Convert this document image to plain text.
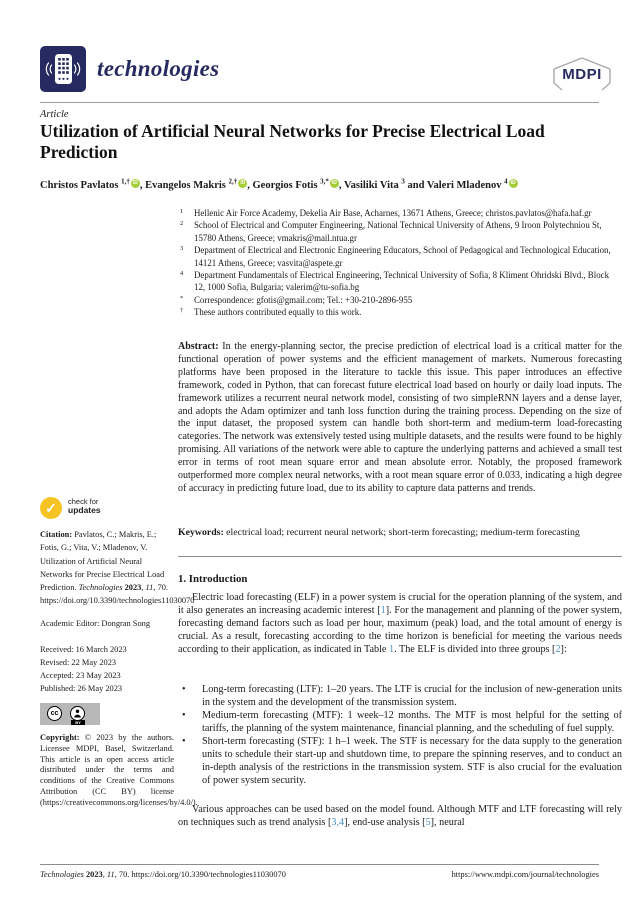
technologies	MDPI
Article
Utilization of Artificial Neural Networks for Precise Electrical Load Prediction
Christos Pavlatos $^{1,\dagger}$ iD , Evangelos Makris $^{2,\dagger}$ iD , Georgios Fotis $^{3,*}$ iD , Vasiliki Vita $^3$ and Valeri Mladenov $^4$ iD
1 Hellenic Air Force Academy, Dekelia Air Base, Acharnes, 13671 Athens, Greece; christos.pavlatos@hafa.haf.gr
2 School of Electrical and Computer Engineering, National Technical University of Athens, 9 Iroon Polytechniou St, 15780 Athens, Greece; vmakris@mail.ntua.gr
3 Department of Electrical and Electronic Engineering Educators, School of Pedagogical and Technological Education, 14121 Athens, Greece; vasvita@aspete.gr
4 Department Fundamentals of Electrical Engineering, Technical University of Sofia, 8 Kliment Ohridski Blvd., Block 12, 1000 Sofia, Bulgaria; valerim@tu-sofia.bg
* Correspondence: gfotis@gmail.com; Tel.: +30-210-2896-955
† These authors contributed equally to this work.
Abstract: In the energy-planning sector, the precise prediction of electrical load is a critical matter for the functional operation of power systems and the efficient management of markets. Numerous forecasting platforms have been proposed in the literature to tackle this issue. This paper introduces an effective framework, coded in Python, that can forecast future electrical load based on hourly or daily load inputs. The framework utilizes a recurrent neural network model, consisting of two simpleRNN layers and a dense layer, and adopts the Adam optimizer and tanh loss function during the training process. Depending on the size of the input dataset, the proposed system can handle both short-term and medium-term load-forecasting categories. The network was extensively tested using multiple datasets, and the results were found to be highly promising. All variations of the network were able to capture the underlying patterns and achieved a small test error in terms of root mean square error and mean absolute error. Notably, the proposed framework outperformed more complex neural networks, with a root mean square error of 0.033, indicating a high degree of accuracy in predicting future load, due to its ability to capture data patterns and trends.
Keywords: electrical load; recurrent neural network; short-term forecasting; medium-term forecasting
1. Introduction

Electric load forecasting (ELF) in a power system is crucial for the operation planning of the system, and it also generates an increasing academic interest [1]. For the management and planning of the power system, forecasting demand factors such as load per hour, maximum (peak) load, and the total amount of energy is crucial. As a result, forecasting according to the time horizon is beneficial for meeting the various needs according to their application, as indicated in Table 1. The ELF is divided into three groups [2]:

• Long-term forecasting (LTF): 1–20 years. The LTF is crucial for the inclusion of new-generation units in the system and the development of the transmission system.
• Medium-term forecasting (MTF): 1 week–12 months. The MTF is most helpful for the setting of tariffs, the planning of the system maintenance, financial planning, and the scheduling of fuel supply.
• Short-term forecasting (STF): 1 h–1 week. The STF is necessary for the data supply to the generation units to schedule their start-up and shutdown time, to prepare the spinning reserves, and to conduct an in-depth analysis of the restrictions in the transmission system. STF is also crucial for the evaluation of power system security.

Various approaches can be used based on the model found. Although MTF and LTF forecasting will rely on techniques such as trend analysis [3,4], end-use analysis [5], neural

✓	check for
updates
Citation: Pavlatos, C.; Makris, E.; Fotis, G.; Vita, V.; Mladenov, V. Utilization of Artificial Neural Networks for Precise Electrical Load Prediction. Technologies 2023, 11, 70. https://doi.org/10.3390/technologies11030070
Academic Editor: Dongran Song
Received: 16 March 2023
Revised: 22 May 2023
Accepted: 23 May 2023
Published: 26 May 2023
cc
BY
Copyright: © 2023 by the authors. Licensee MDPI, Basel, Switzerland. This article is an open access article distributed under the terms and conditions of the Creative Commons Attribution (CC BY) license (https://creativecommons.org/licenses/by/4.0/).
Technologies 2023, 11, 70. https://doi.org/10.3390/technologies11030070	https://www.mdpi.com/journal/technologies
